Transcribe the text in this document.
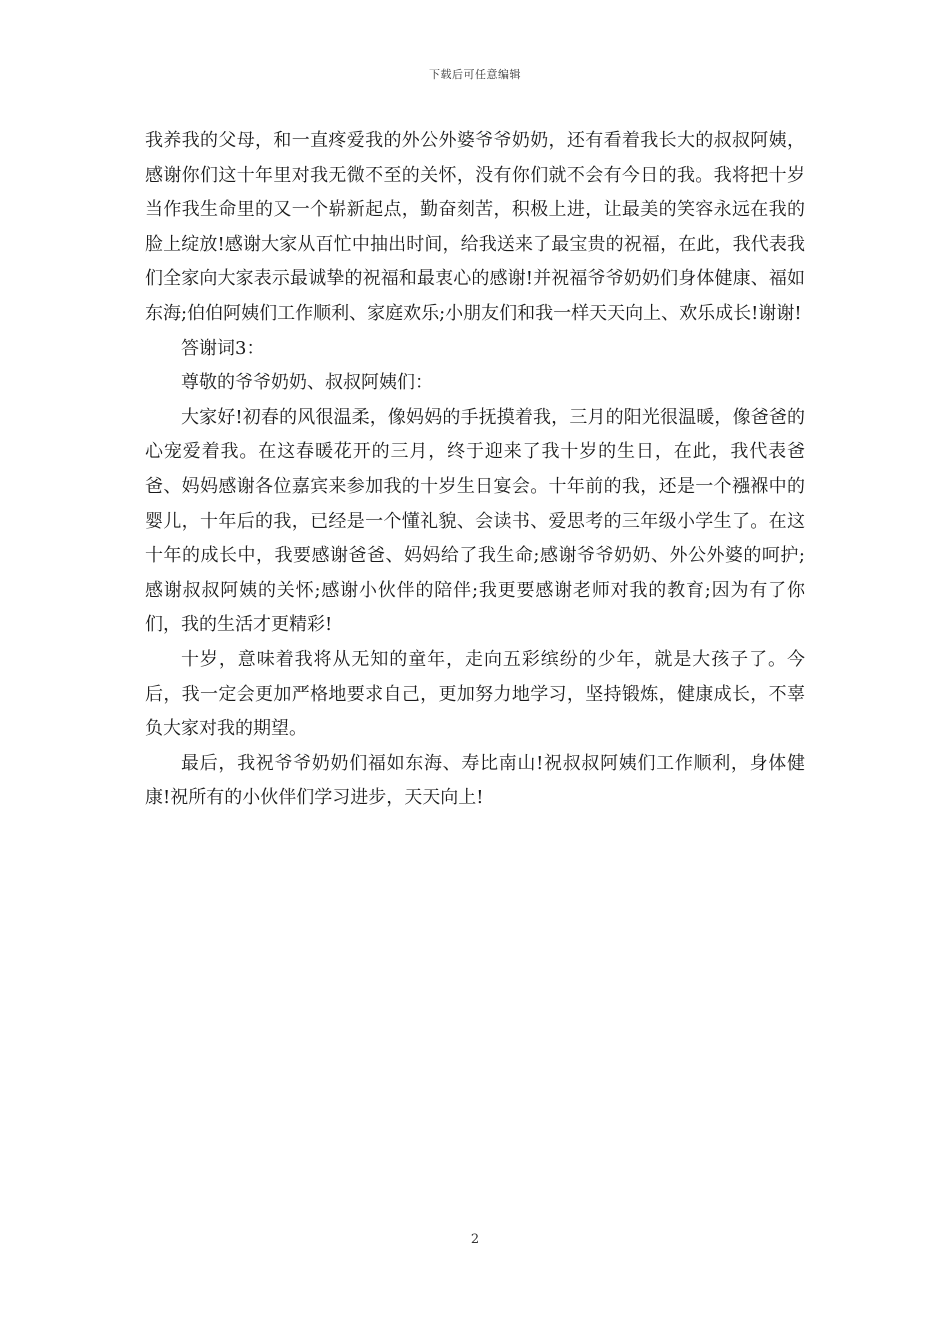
下载后可任意编辑

我养我的父母，和一直疼爱我的外公外婆爷爷奶奶，还有看着我长大的叔叔阿姨，感谢你们这十年里对我无微不至的关怀，没有你们就不会有今日的我。我将把十岁当作我生命里的又一个崭新起点，勤奋刻苦，积极上进，让最美的笑容永远在我的脸上绽放!感谢大家从百忙中抽出时间，给我送来了最宝贵的祝福，在此，我代表我们全家向大家表示最诚挚的祝福和最衷心的感谢!并祝福爷爷奶奶们身体健康、福如东海;伯伯阿姨们工作顺利、家庭欢乐;小朋友们和我一样天天向上、欢乐成长!谢谢!

答谢词3：

尊敬的爷爷奶奶、叔叔阿姨们：

大家好!初春的风很温柔，像妈妈的手抚摸着我，三月的阳光很温暖，像爸爸的心宠爱着我。在这春暖花开的三月，终于迎来了我十岁的生日，在此，我代表爸爸、妈妈感谢各位嘉宾来参加我的十岁生日宴会。十年前的我，还是一个襁褓中的婴儿，十年后的我，已经是一个懂礼貌、会读书、爱思考的三年级小学生了。在这十年的成长中，我要感谢爸爸、妈妈给了我生命;感谢爷爷奶奶、外公外婆的呵护;感谢叔叔阿姨的关怀;感谢小伙伴的陪伴;我更要感谢老师对我的教育;因为有了你们，我的生活才更精彩!

十岁，意味着我将从无知的童年，走向五彩缤纷的少年，就是大孩子了。今后，我一定会更加严格地要求自己，更加努力地学习，坚持锻炼，健康成长，不辜负大家对我的期望。

最后，我祝爷爷奶奶们福如东海、寿比南山!祝叔叔阿姨们工作顺利，身体健康!祝所有的小伙伴们学习进步，天天向上!

2
